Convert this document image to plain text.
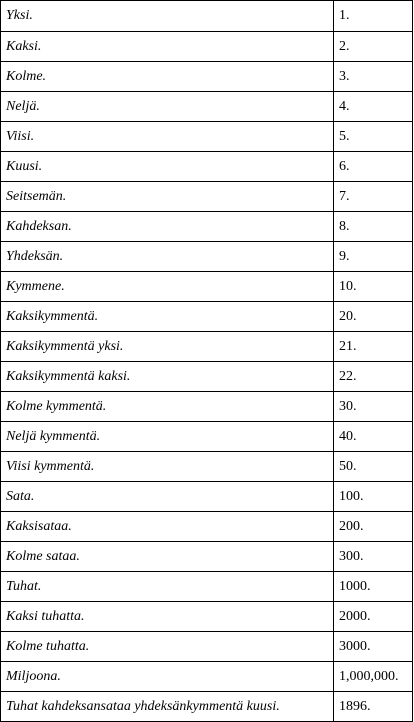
Yksi.	1.
Kaksi.	2.
Kolme.	3.
Neljä.	4.
Viisi.	5.
Kuusi.	6.
Seitsemän.	7.
Kahdeksan.	8.
Yhdeksän.	9.
Kymmene.	10.
Kaksikymmentä.	20.
Kaksikymmentä yksi.	21.
Kaksikymmentä kaksi.	22.
Kolme kymmentä.	30.
Neljä kymmentä.	40.
Viisi kymmentä.	50.
Sata.	100.
Kaksisataa.	200.
Kolme sataa.	300.
Tuhat.	1000.
Kaksi tuhatta.	2000.
Kolme tuhatta.	3000.
Miljoona.	1,000,000.
Tuhat kahdeksansataa yhdeksänkymmentä kuusi.	1896.
